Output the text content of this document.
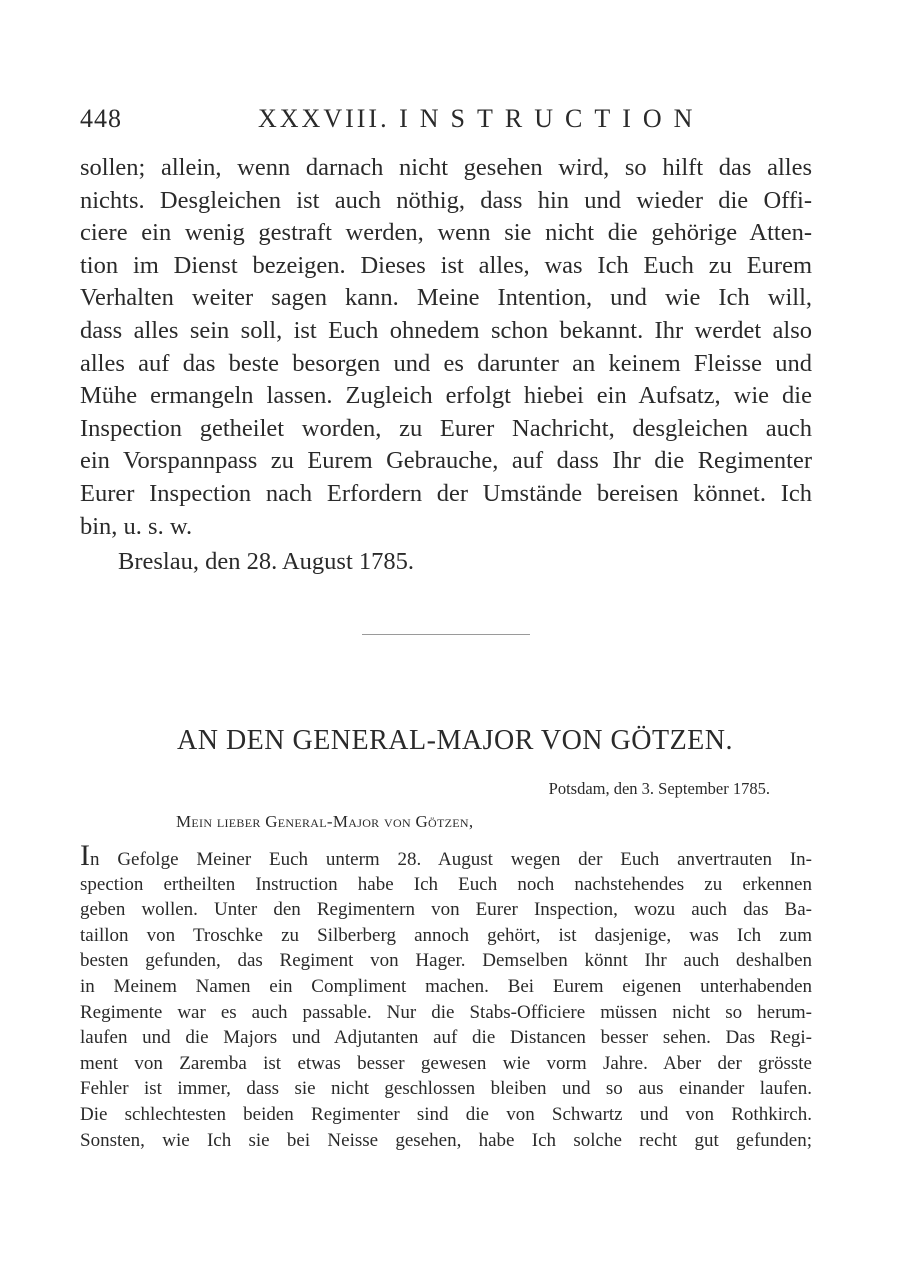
448	XXXVIII. INSTRUCTION
sollen; allein, wenn darnach nicht gesehen wird, so hilft das alles
nichts. Desgleichen ist auch nöthig, dass hin und wieder die Offi-
ciere ein wenig gestraft werden, wenn sie nicht die gehörige Atten-
tion im Dienst bezeigen. Dieses ist alles, was Ich Euch zu Eurem
Verhalten weiter sagen kann. Meine Intention, und wie Ich will,
dass alles sein soll, ist Euch ohnedem schon bekannt. Ihr werdet also
alles auf das beste besorgen und es darunter an keinem Fleisse und
Mühe ermangeln lassen. Zugleich erfolgt hiebei ein Aufsatz, wie die
Inspection getheilet worden, zu Eurer Nachricht, desgleichen auch
ein Vorspannpass zu Eurem Gebrauche, auf dass Ihr die Regimenter
Eurer Inspection nach Erfordern der Umstände bereisen könnet. Ich
bin, u. s. w.
Breslau, den 28. August 1785.
AN DEN GENERAL-MAJOR VON GÖTZEN.
Potsdam, den 3. September 1785.
Mein lieber General-Major von Götzen,
In Gefolge Meiner Euch unterm 28. August wegen der Euch anvertrauten In-
spection ertheilten Instruction habe Ich Euch noch nachstehendes zu erkennen
geben wollen. Unter den Regimentern von Eurer Inspection, wozu auch das Ba-
taillon von Troschke zu Silberberg annoch gehört, ist dasjenige, was Ich zum
besten gefunden, das Regiment von Hager. Demselben könnt Ihr auch deshalben
in Meinem Namen ein Compliment machen. Bei Eurem eigenen unterhabenden
Regimente war es auch passable. Nur die Stabs-Officiere müssen nicht so herum-
laufen und die Majors und Adjutanten auf die Distancen besser sehen. Das Regi-
ment von Zaremba ist etwas besser gewesen wie vorm Jahre. Aber der grösste
Fehler ist immer, dass sie nicht geschlossen bleiben und so aus einander laufen.
Die schlechtesten beiden Regimenter sind die von Schwartz und von Rothkirch.
Sonsten, wie Ich sie bei Neisse gesehen, habe Ich solche recht gut gefunden;
